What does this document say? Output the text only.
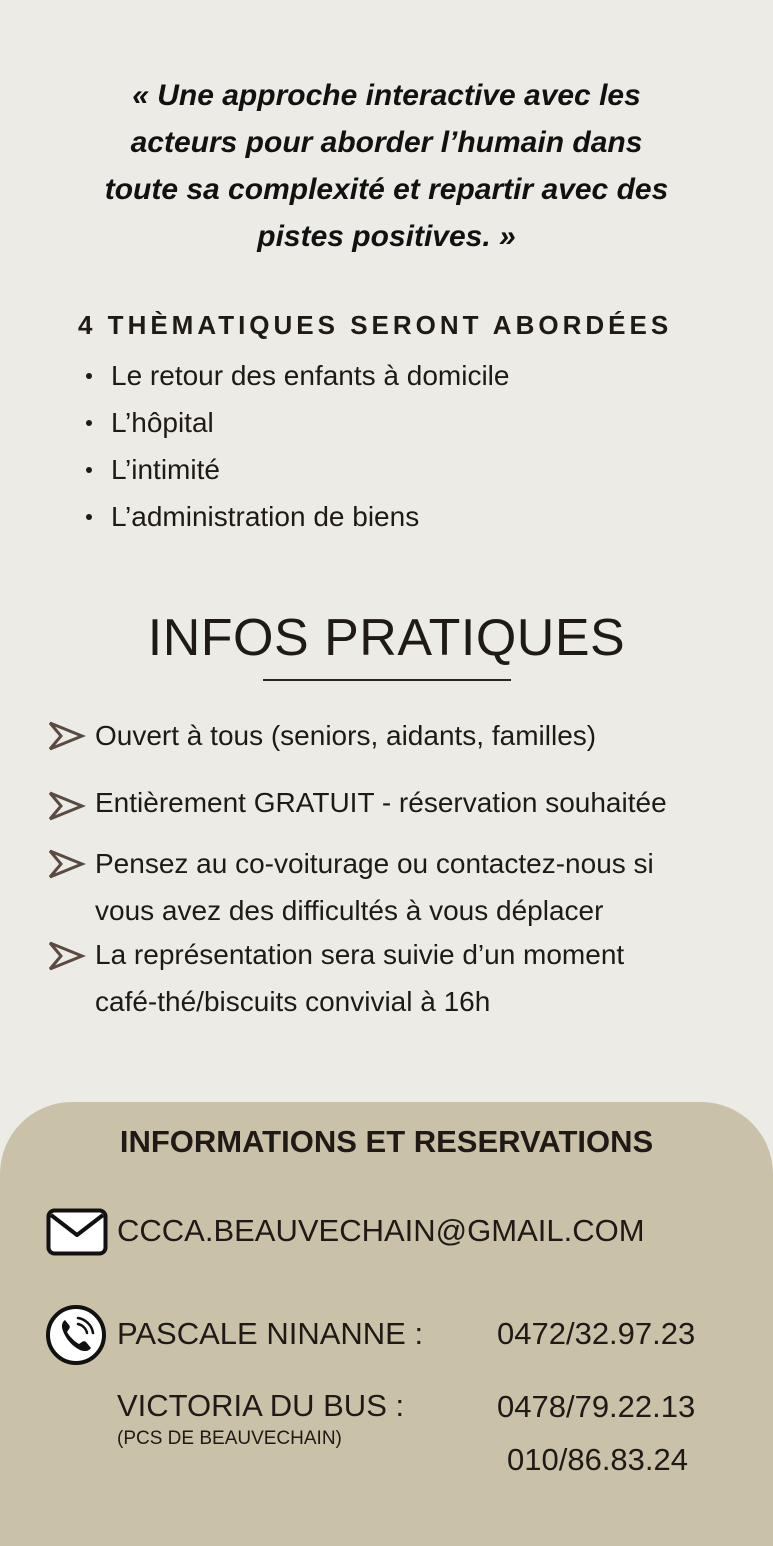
« Une approche interactive avec les
acteurs pour aborder l’humain dans
toute sa complexité et repartir avec des
pistes positives. »
4 THÈMATIQUES SERONT ABORDÉES
Le retour des enfants à domicile
L’hôpital
L’intimité
L’administration de biens
INFOS PRATIQUES
Ouvert à tous (seniors, aidants, familles)
Entièrement GRATUIT - réservation souhaitée
Pensez au co-voiturage ou contactez-nous si
vous avez des difficultés à vous déplacer
La représentation sera suivie d’un moment
café-thé/biscuits convivial à 16h
INFORMATIONS ET RESERVATIONS
CCCA.BEAUVECHAIN@GMAIL.COM
PASCALE NINANNE : 0472/32.97.23
VICTORIA DU BUS :
(PCS DE BEAUVECHAIN)
0478/79.22.13
010/86.83.24
